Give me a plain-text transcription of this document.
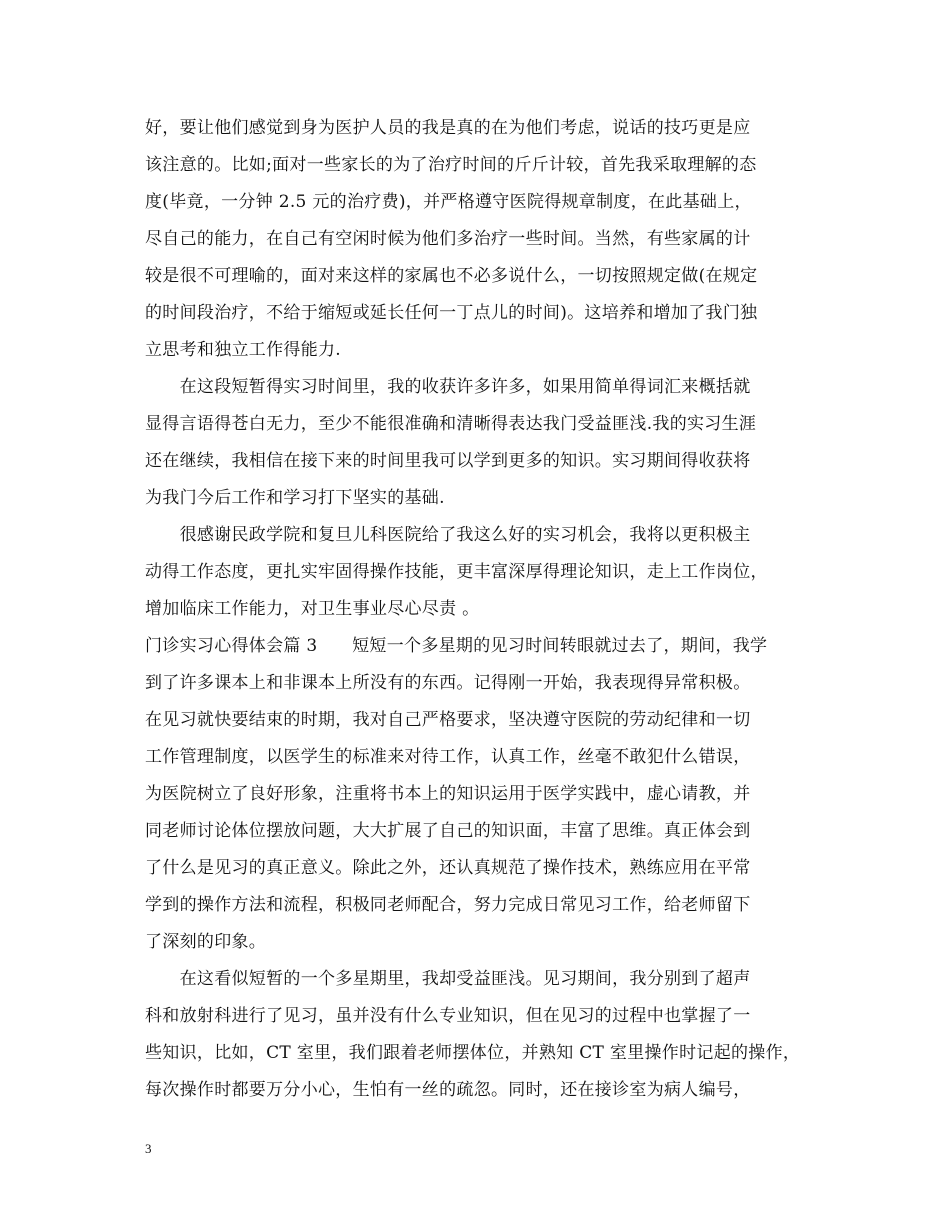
好，要让他们感觉到身为医护人员的我是真的在为他们考虑，说话的技巧更是应
该注意的。比如;面对一些家长的为了治疗时间的斤斤计较，首先我采取理解的态
度(毕竟，一分钟 2.5 元的治疗费)，并严格遵守医院得规章制度，在此基础上，
尽自己的能力，在自己有空闲时候为他们多治疗一些时间。当然，有些家属的计
较是很不可理喻的，面对来这样的家属也不必多说什么，一切按照规定做(在规定
的时间段治疗，不给于缩短或延长任何一丁点儿的时间)。这培养和增加了我门独
立思考和独立工作得能力.
　　在这段短暂得实习时间里，我的收获许多许多，如果用简单得词汇来概括就
显得言语得苍白无力，至少不能很准确和清晰得表达我门受益匪浅.我的实习生涯
还在继续，我相信在接下来的时间里我可以学到更多的知识。实习期间得收获将
为我门今后工作和学习打下坚实的基础.
　　很感谢民政学院和复旦儿科医院给了我这么好的实习机会，我将以更积极主
动得工作态度，更扎实牢固得操作技能，更丰富深厚得理论知识，走上工作岗位，
增加临床工作能力，对卫生事业尽心尽责 。
门诊实习心得体会篇 3　　短短一个多星期的见习时间转眼就过去了，期间，我学
到了许多课本上和非课本上所没有的东西。记得刚一开始，我表现得异常积极。
在见习就快要结束的时期，我对自己严格要求，坚决遵守医院的劳动纪律和一切
工作管理制度，以医学生的标准来对待工作，认真工作，丝毫不敢犯什么错误，
为医院树立了良好形象，注重将书本上的知识运用于医学实践中，虚心请教，并
同老师讨论体位摆放问题，大大扩展了自己的知识面，丰富了思维。真正体会到
了什么是见习的真正意义。除此之外，还认真规范了操作技术，熟练应用在平常
学到的操作方法和流程，积极同老师配合，努力完成日常见习工作，给老师留下
了深刻的印象。
　　在这看似短暂的一个多星期里，我却受益匪浅。见习期间，我分别到了超声
科和放射科进行了见习，虽并没有什么专业知识，但在见习的过程中也掌握了一
些知识，比如，CT 室里，我们跟着老师摆体位，并熟知 CT 室里操作时记起的操作，
每次操作时都要万分小心，生怕有一丝的疏忽。同时，还在接诊室为病人编号，
3
